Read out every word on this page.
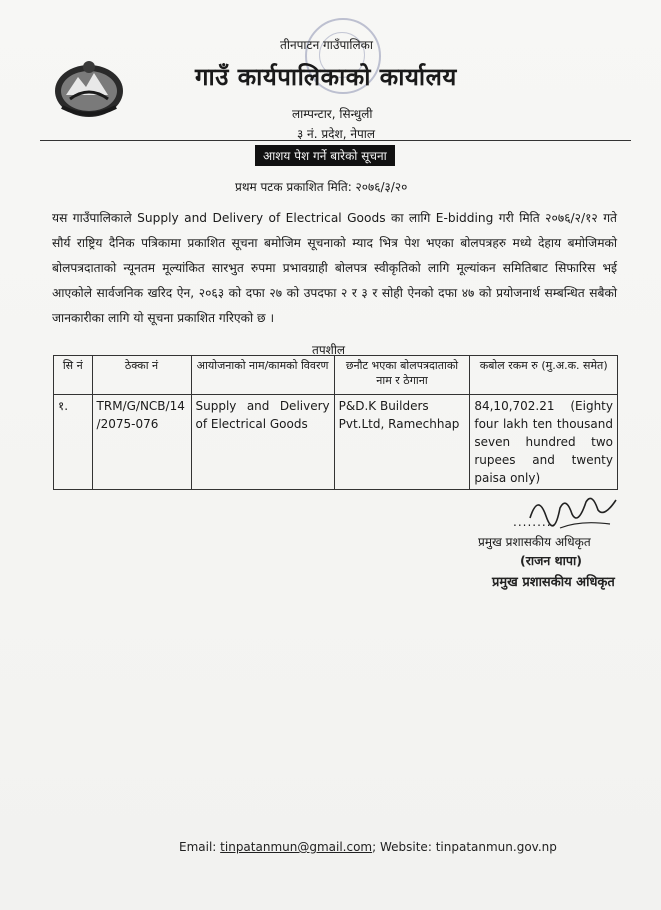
तीनपाटन गाउँपालिका
गाउँ कार्यपालिकाको कार्यालय
लाम्पन्टार, सिन्धुली
३ नं. प्रदेश, नेपाल
आशय पेश गर्ने बारेको सूचना
प्रथम पटक प्रकाशित मिति: २०७६/३/२०
यस गाउँपालिकाले Supply and Delivery of Electrical Goods का लागि E-bidding गरी मिति २०७६/२/१२ गते सौर्य राष्ट्रिय दैनिक पत्रिकामा प्रकाशित सूचना बमोजिम सूचनाको म्याद भित्र पेश भएका बोलपत्रहरु मध्ये देहाय बमोजिमको बोलपत्रदाताको न्यूनतम मूल्यांकित सारभुत रुपमा प्रभावग्राही बोलपत्र स्वीकृतिको लागि मूल्यांकन समितिबाट सिफारिस भई आएकोले सार्वजनिक खरिद ऐन, २०६३ को दफा २७ को उपदफा २ र ३ र सोही ऐनको दफा ४७ को प्रयोजनार्थ सम्बन्धित सबैको जानकारीका लागि यो सूचना प्रकाशित गरिएको छ ।
तपशील
सि नं	ठेक्का नं	आयोजनाको नाम/कामको विवरण	छनौट भएका बोलपत्रदाताको नाम र ठेगाना	कबोल रकम रु (मु.अ.क. समेत)
१.	TRM/G/NCB/14 /2075-076	Supply and Delivery of Electrical Goods	P&D.K Builders Pvt.Ltd, Ramechhap	84,10,702.21 (Eighty four lakh ten thousand seven hundred two rupees and twenty paisa only)
.........
प्रमुख प्रशासकीय अधिकृत
(राजन थापा)
प्रमुख प्रशासकीय अधिकृत
Email: tinpatanmun@gmail.com; Website: tinpatanmun.gov.np
